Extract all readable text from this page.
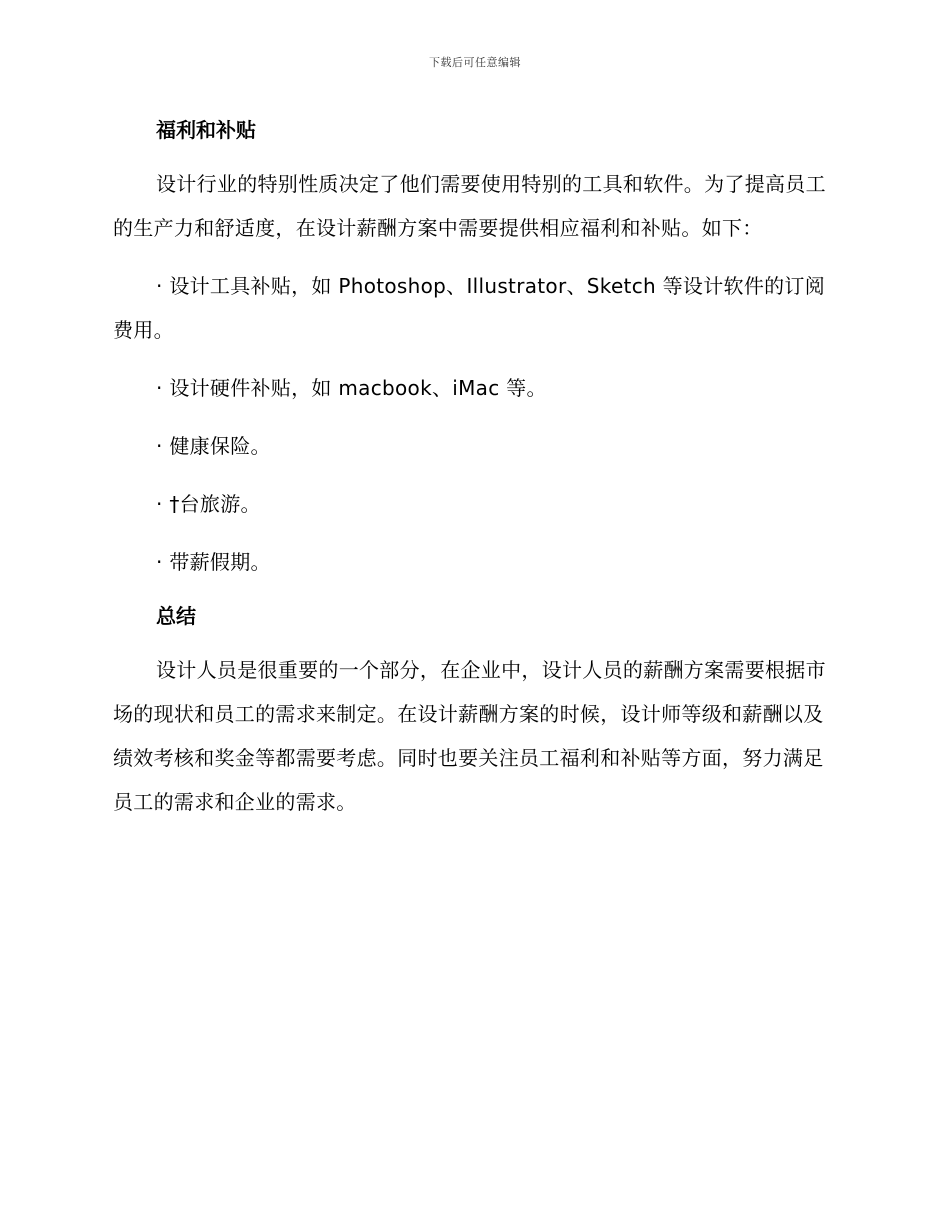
下载后可任意编辑
福利和补贴

设计行业的特别性质决定了他们需要使用特别的工具和软件。为了提高员工的生产力和舒适度，在设计薪酬方案中需要提供相应福利和补贴。如下：

· 设计工具补贴，如 Photoshop、Illustrator、Sketch 等设计软件的订阅费用。

· 设计硬件补贴，如 macbook、iMac 等。

· 健康保险。

· †台旅游。

· 带薪假期。

总结

设计人员是很重要的一个部分，在企业中，设计人员的薪酬方案需要根据市场的现状和员工的需求来制定。在设计薪酬方案的时候，设计师等级和薪酬以及绩效考核和奖金等都需要考虑。同时也要关注员工福利和补贴等方面，努力满足员工的需求和企业的需求。
